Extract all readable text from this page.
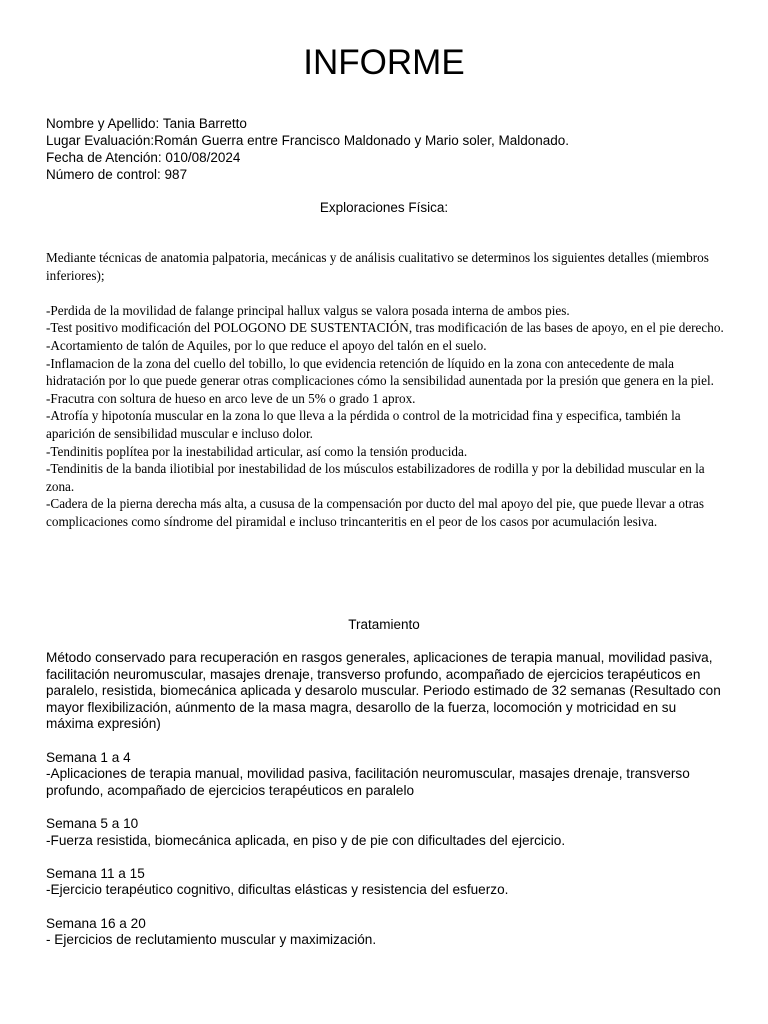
INFORME
Nombre y Apellido: Tania Barretto
Lugar Evaluación:Román Guerra entre Francisco Maldonado y Mario soler, Maldonado.
Fecha de Atención: 010/08/2024
Número de control: 987
Exploraciones Física:

Mediante técnicas de anatomia palpatoria, mecánicas y de análisis cualitativo se determinos los siguientes detalles (miembros inferiores);

-Perdida de la movilidad de falange principal hallux valgus se valora posada interna de ambos pies.
-Test positivo modificación del POLOGONO DE SUSTENTACIÓN, tras modificación de las bases de apoyo, en el pie derecho.
-Acortamiento de talón de Aquiles, por lo que reduce el apoyo del talón en el suelo.
-Inflamacion de la zona del cuello del tobillo, lo que evidencia retención de líquido en la zona con antecedente de mala hidratación por lo que puede generar otras complicaciones cómo la sensibilidad aunentada por la presión que genera en la piel.
-Fracutra con soltura de hueso en arco leve de un 5% o grado 1 aprox.
-Atrofía y hipotonía muscular en la zona lo que lleva a la pérdida o control de la motricidad fina y especifica, también la aparición de sensibilidad muscular e incluso dolor.
-Tendinitis poplítea por la inestabilidad articular, así como la tensión producida.
-Tendinitis de la banda iliotibial por inestabilidad de los músculos estabilizadores de rodilla y por la debilidad muscular en la zona.
-Cadera de la pierna derecha más alta, a cususa de la compensación por ducto del mal apoyo del pie, que puede llevar a otras complicaciones como síndrome del piramidal e incluso trincanteritis en el peor de los casos por acumulación lesiva.
Tratamiento

Método conservado para recuperación en rasgos generales, aplicaciones de terapia manual, movilidad pasiva, facilitación neuromuscular, masajes drenaje, transverso profundo, acompañado de ejercicios terapéuticos en paralelo, resistida, biomecánica aplicada y desarolo muscular. Periodo estimado de 32 semanas (Resultado con mayor flexibilización, aúnmento de la masa magra, desarollo de la fuerza, locomoción y motricidad en su máxima expresión)

Semana 1 a 4

-Aplicaciones de terapia manual, movilidad pasiva, facilitación neuromuscular, masajes drenaje, transverso profundo, acompañado de ejercicios terapéuticos en paralelo

Semana 5 a 10

-Fuerza resistida, biomecánica aplicada, en piso y de pie con dificultades del ejercicio.

Semana 11 a 15

-Ejercicio terapéutico cognitivo, dificultas elásticas y resistencia del esfuerzo.

Semana 16 a 20

- Ejercicios de reclutamiento muscular y maximización.
